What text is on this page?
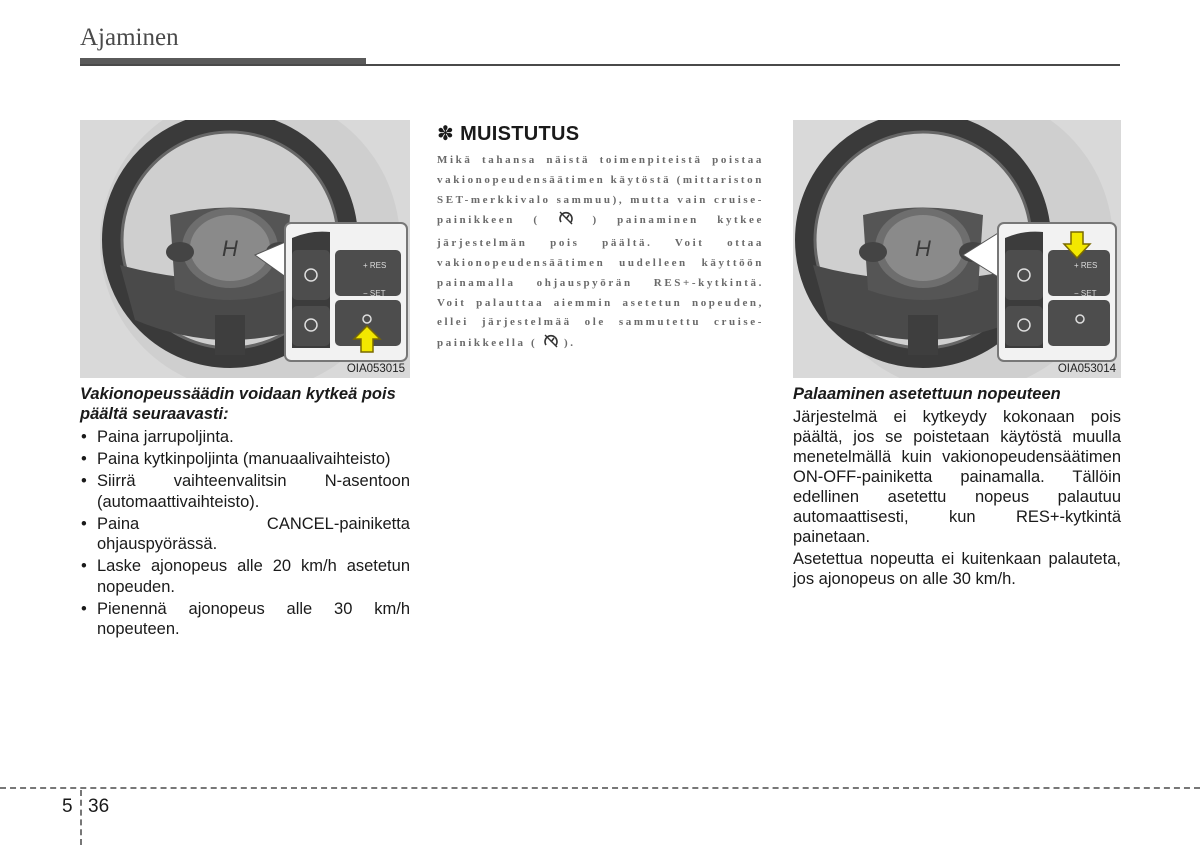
Ajaminen
H
+ RES
− SET
OIA053015
Vakionopeussäädin voidaan kytkeä pois päältä seuraavasti:
• Paina jarrupoljinta.
• Paina kytkinpoljinta (manuaalivaihteisto)
• Siirrä vaihteenvalitsin N-asentoon (automaattivaihteisto).
• Paina CANCEL-painiketta ohjauspyörässä.
• Laske ajonopeus alle 20 km/h asetetun nopeuden.
• Pienennä ajonopeus alle 30 km/h nopeuteen.
✽ MUISTUTUS
Mikä tahansa näistä toimenpiteistä poistaa vakionopeudensäätimen käytöstä (mittariston SET-merkkivalo sammuu), mutta vain cruise-painikkeen (	) painaminen kytkee järjestelmän pois päältä. Voit ottaa vakionopeudensäätimen uudelleen käyttöön painamalla ohjauspyörän RES+-kytkintä. Voit palauttaa aiemmin asetetun nopeuden, ellei järjestelmää ole sammutettu cruise-painikkeella ( ).
H
+ RES
− SET
OIA053014
Palaaminen asetettuun nopeuteen
Järjestelmä ei kytkeydy kokonaan pois päältä, jos se poistetaan käytöstä muulla menetelmällä kuin vakionopeudensäätimen ON-OFF-painiketta painamalla. Tällöin edellinen asetettu nopeus palautuu automaattisesti, kun RES+-kytkintä painetaan.
Asetettua nopeutta ei kuitenkaan palauteta, jos ajonopeus on alle 30 km/h.
5 36
